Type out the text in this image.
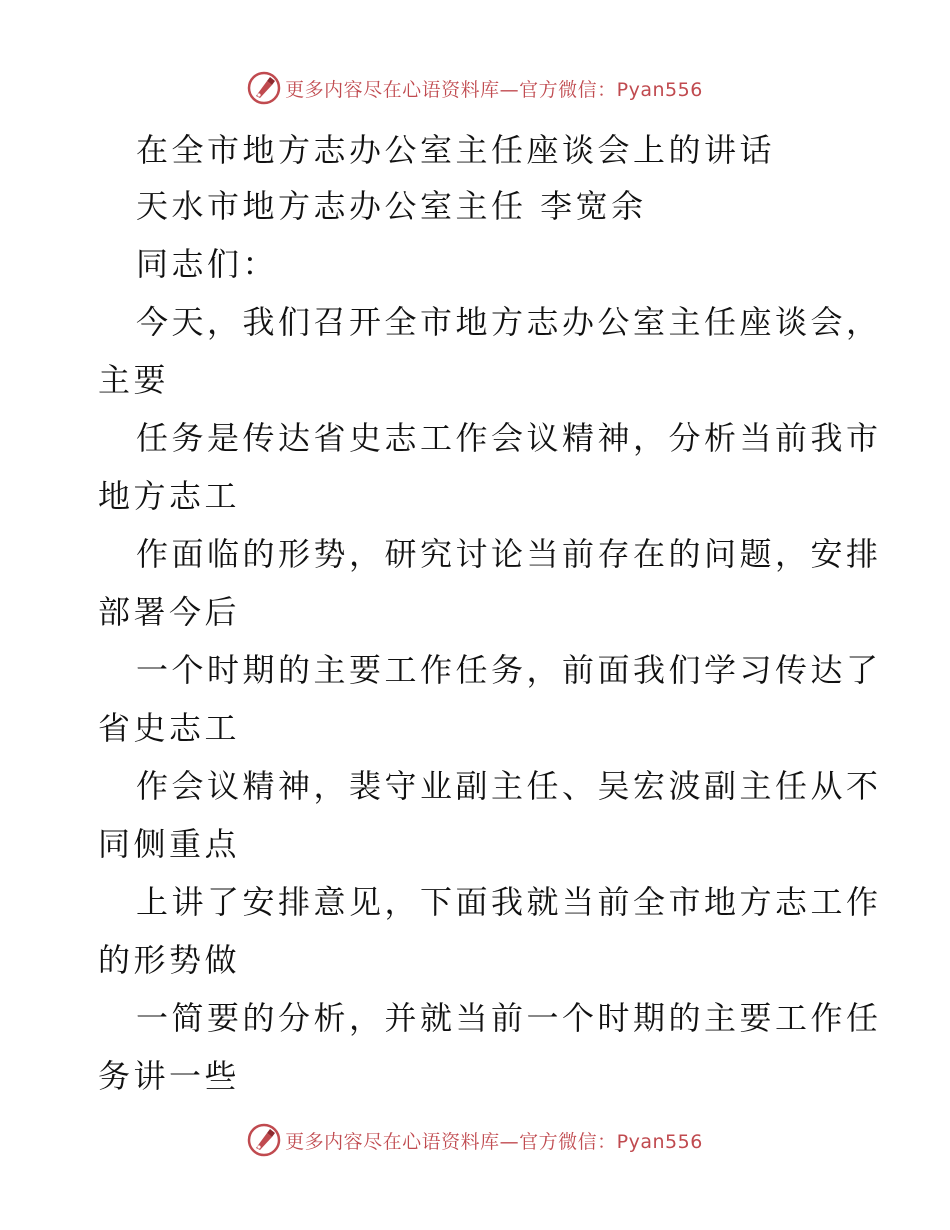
更多内容尽在心语资料库—官方微信：Pyan556
在全市地方志办公室主任座谈会上的讲话
天水市地方志办公室主任 李宽余
同志们：
今天，我们召开全市地方志办公室主任座谈会，
主要
任务是传达省史志工作会议精神，分析当前我市
地方志工
作面临的形势，研究讨论当前存在的问题，安排
部署今后
一个时期的主要工作任务，前面我们学习传达了
省史志工
作会议精神，裴守业副主任、吴宏波副主任从不
同侧重点
上讲了安排意见，下面我就当前全市地方志工作
的形势做
一简要的分析，并就当前一个时期的主要工作任
务讲一些
更多内容尽在心语资料库—官方微信：Pyan556
